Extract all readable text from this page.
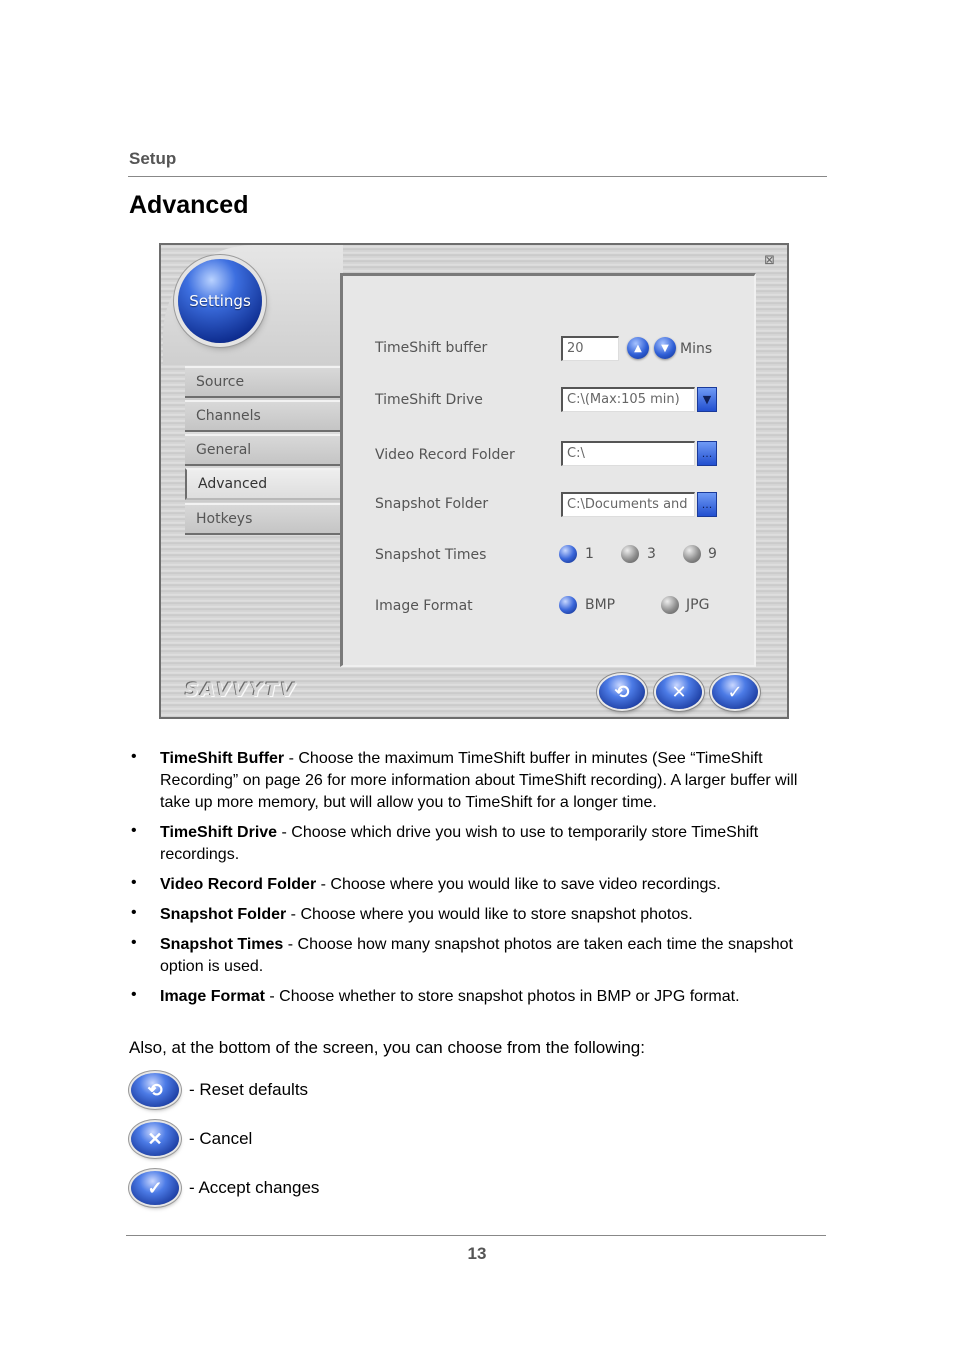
Setup
Advanced
⊠
Settings
Source
Channels
General
Advanced
Hotkeys
TimeShift buffer	20	▲	▼ Mins
TimeShift Drive	C:\(Max:105 min)	▼
Video Record Folder	C:\	...
Snapshot Folder	C:\Documents and	...
Snapshot Times	1	3	9
Image Format	BMP	JPG
SAVVYTV	⟲ ✕ ✓
• TimeShift Buffer - Choose the maximum TimeShift buffer in minutes (See “TimeShift Recording” on page 26 for more information about TimeShift recording). A larger buffer will take up more memory, but will allow you to TimeShift for a longer time.
• TimeShift Drive - Choose which drive you wish to use to temporarily store TimeShift recordings.
• Video Record Folder - Choose where you would like to save video recordings.
• Snapshot Folder - Choose where you would like to store snapshot photos.
• Snapshot Times - Choose how many snapshot photos are taken each time the snapshot option is used.
• Image Format - Choose whether to store snapshot photos in BMP or JPG format.
Also, at the bottom of the screen, you can choose from the following:
⟲	- Reset defaults
✕	- Cancel
✓	- Accept changes
13
